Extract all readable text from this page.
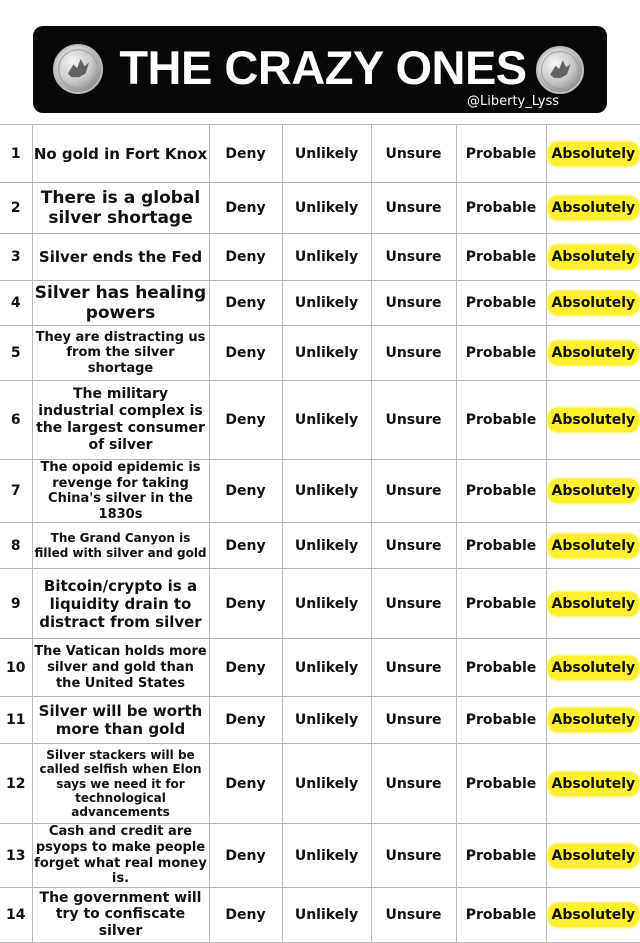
THE CRAZY ONES
@Liberty_Lyss
1	No gold in Fort Knox	Deny	Unlikely	Unsure	Probable	Absolutely
2	There is a global silver shortage	Deny	Unlikely	Unsure	Probable	Absolutely
3	Silver ends the Fed	Deny	Unlikely	Unsure	Probable	Absolutely
4	Silver has healing powers	Deny	Unlikely	Unsure	Probable	Absolutely
5	They are distracting us from the silver shortage	Deny	Unlikely	Unsure	Probable	Absolutely
6	The military industrial complex is the largest consumer of silver	Deny	Unlikely	Unsure	Probable	Absolutely
7	The opoid epidemic is revenge for taking China's silver in the 1830s	Deny	Unlikely	Unsure	Probable	Absolutely
8	The Grand Canyon is filled with silver and gold	Deny	Unlikely	Unsure	Probable	Absolutely
9	Bitcoin/crypto is a liquidity drain to distract from silver	Deny	Unlikely	Unsure	Probable	Absolutely
10	The Vatican holds more silver and gold than the United States	Deny	Unlikely	Unsure	Probable	Absolutely
11	Silver will be worth more than gold	Deny	Unlikely	Unsure	Probable	Absolutely
12	Silver stackers will be called selfish when Elon says we need it for technological advancements	Deny	Unlikely	Unsure	Probable	Absolutely
13	Cash and credit are psyops to make people forget what real money is.	Deny	Unlikely	Unsure	Probable	Absolutely
14	The government will try to confiscate silver	Deny	Unlikely	Unsure	Probable	Absolutely
